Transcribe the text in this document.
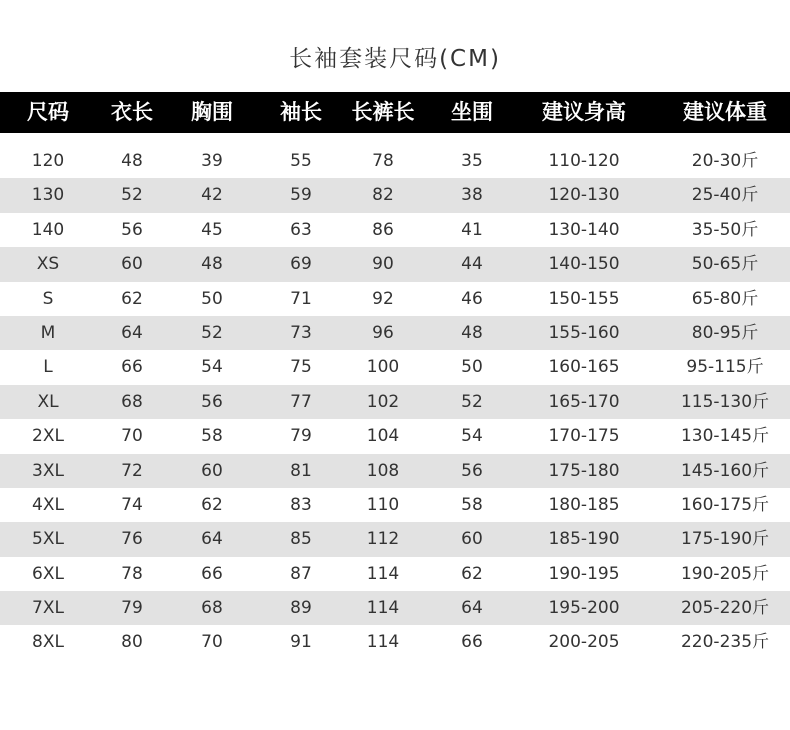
长袖套装尺码(CM)
尺码 衣长 胸围 袖长 长裤长 坐围 建议身高	建议体重
120	48	39	55	78	35	110-120	20-30斤
130	52	42	59	82	38	120-130	25-40斤
140	56	45	63	86	41	130-140	35-50斤
XS	60	48	69	90	44	140-150	50-65斤
S	62	50	71	92	46	150-155	65-80斤
M	64	52	73	96	48	155-160	80-95斤
L	66	54	75	100	50	160-165	95-115斤
XL	68	56	77	102	52	165-170	115-130斤
2XL	70	58	79	104	54	170-175	130-145斤
3XL	72	60	81	108	56	175-180	145-160斤
4XL	74	62	83	110	58	180-185	160-175斤
5XL	76	64	85	112	60	185-190	175-190斤
6XL	78	66	87	114	62	190-195	190-205斤
7XL	79	68	89	114	64	195-200	205-220斤
8XL	80	70	91	114	66	200-205	220-235斤
